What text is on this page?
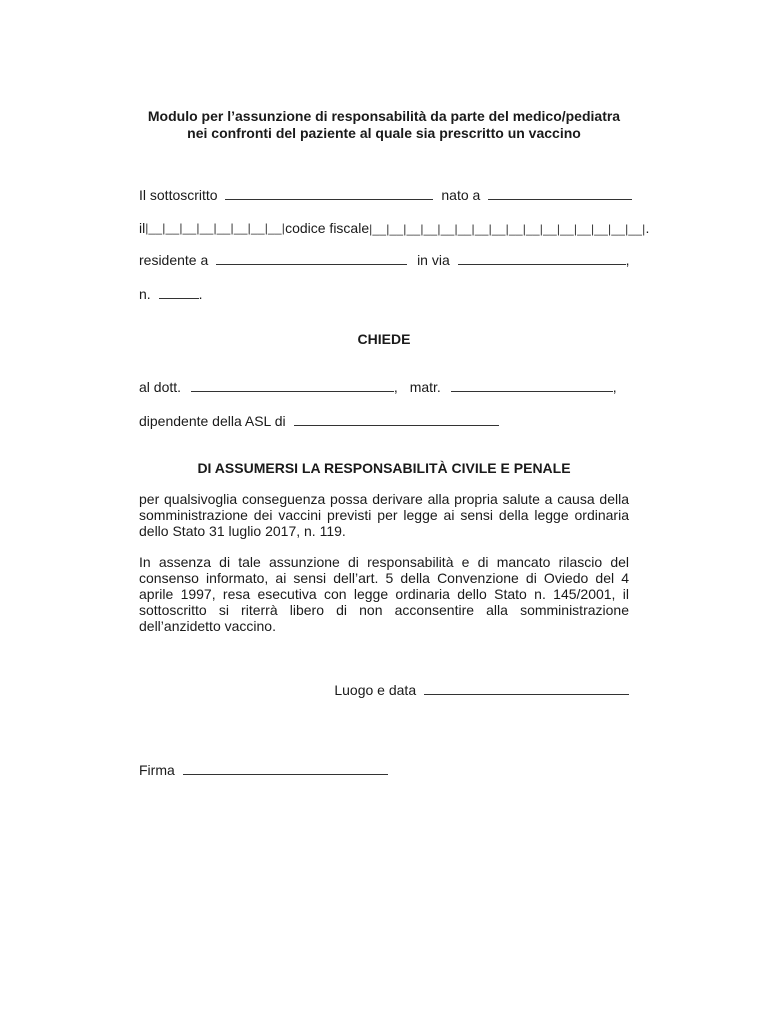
Modulo per l’assunzione di responsabilità da parte del medico/pediatra
nei confronti del paziente al quale sia prescritto un vaccino
Il sottoscritto	nato a
il |__|__|__|__|__|__|__|__| codice fiscale |__|__|__|__|__|__|__|__|__|__|__|__|__|__|__|__|.
residente a	in via	,
n.	.
CHIEDE
al dott.	, matr.	,
dipendente della ASL di
DI ASSUMERSI LA RESPONSABILITÀ CIVILE E PENALE
per qualsivoglia conseguenza possa derivare alla propria salute a causa della somministrazione dei vaccini previsti per legge ai sensi della legge ordinaria dello Stato 31 luglio 2017, n. 119.
In assenza di tale assunzione di responsabilità e di mancato rilascio del consenso informato, ai sensi dell’art. 5 della Convenzione di Oviedo del 4 aprile 1997, resa esecutiva con legge ordinaria dello Stato n. 145/2001, il sottoscritto si riterrà libero di non acconsentire alla somministrazione dell’anzidetto vaccino.
Luogo e data
Firma
